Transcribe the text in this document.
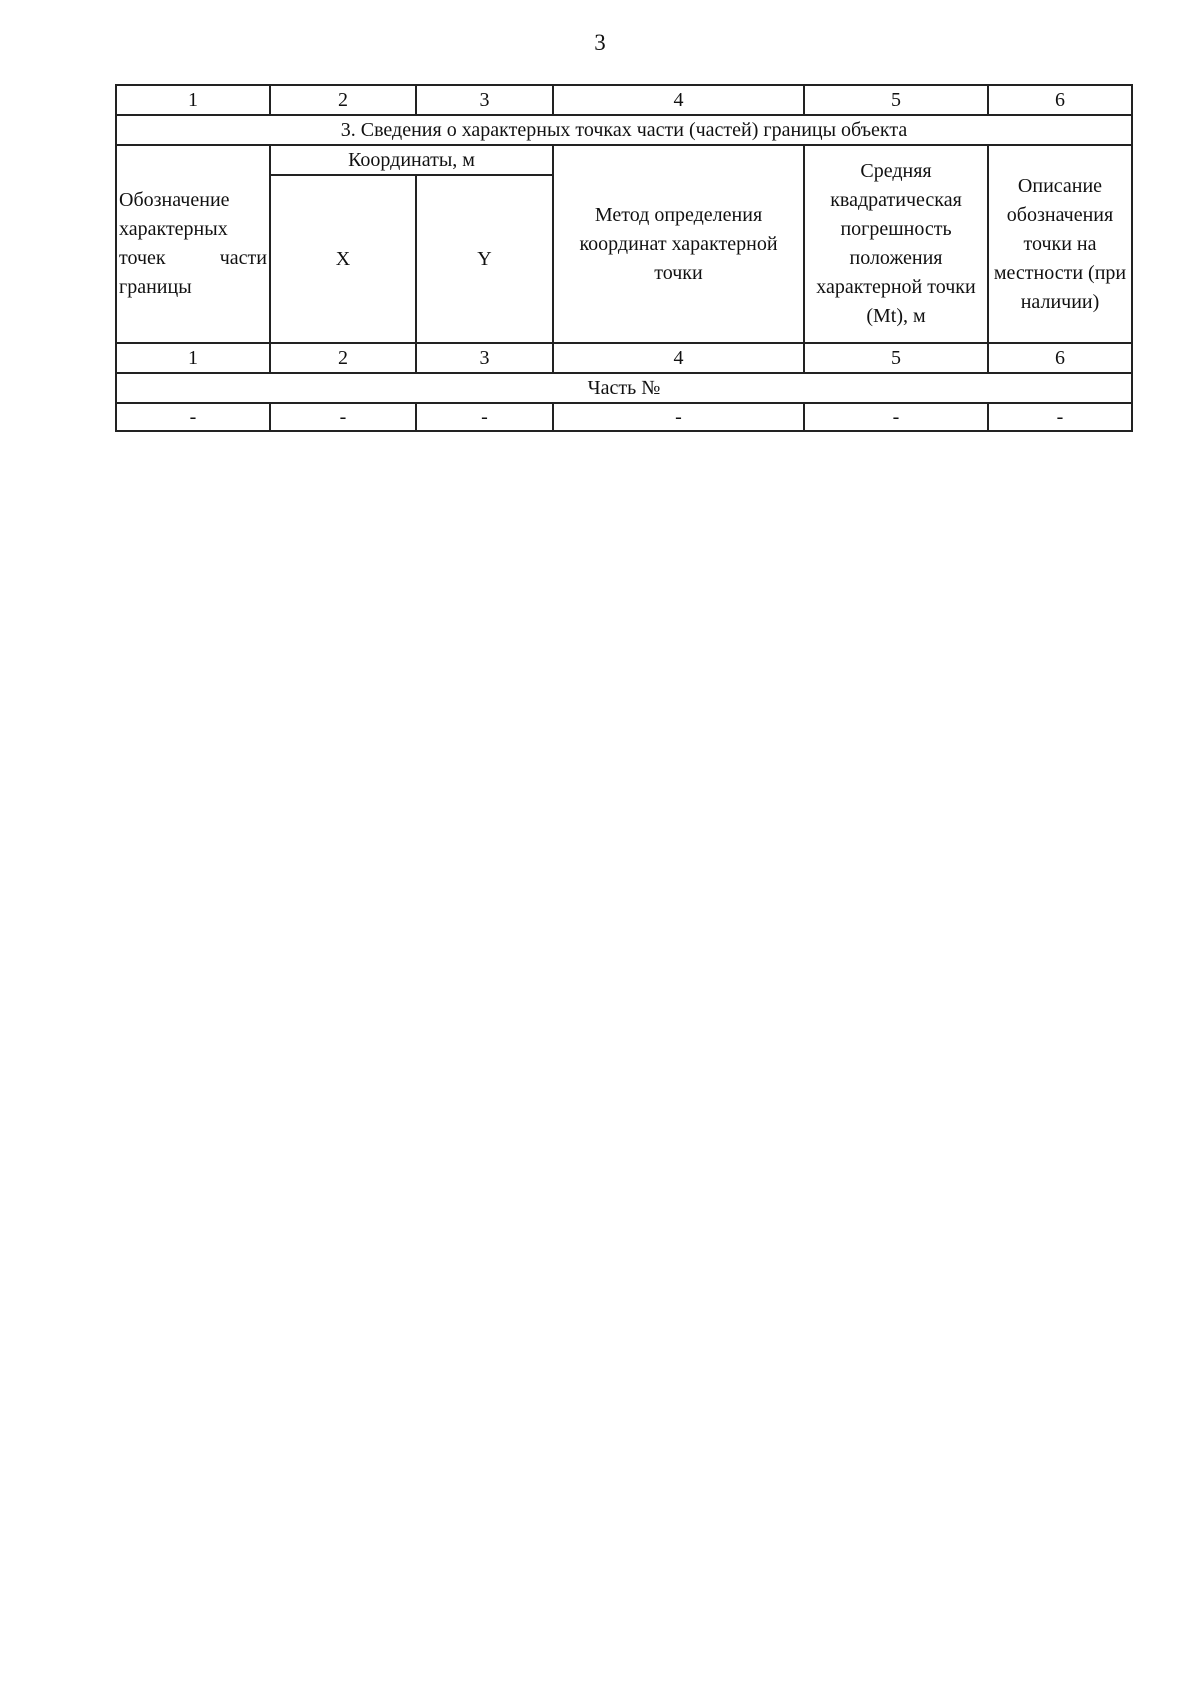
3
1	2	3	4	5	6
3. Сведения о характерных точках части (частей) границы объекта					
Обозначение характерных точек части границы	Координаты, м		Метод определения координат характерной точки	Средняя квадратическая погрешность положения характерной точки (Mt), м	Описание обозначения точки на местности (при наличии)
	X	Y			
1	2	3	4	5	6
Часть №					
-	-	-	-	-	-
